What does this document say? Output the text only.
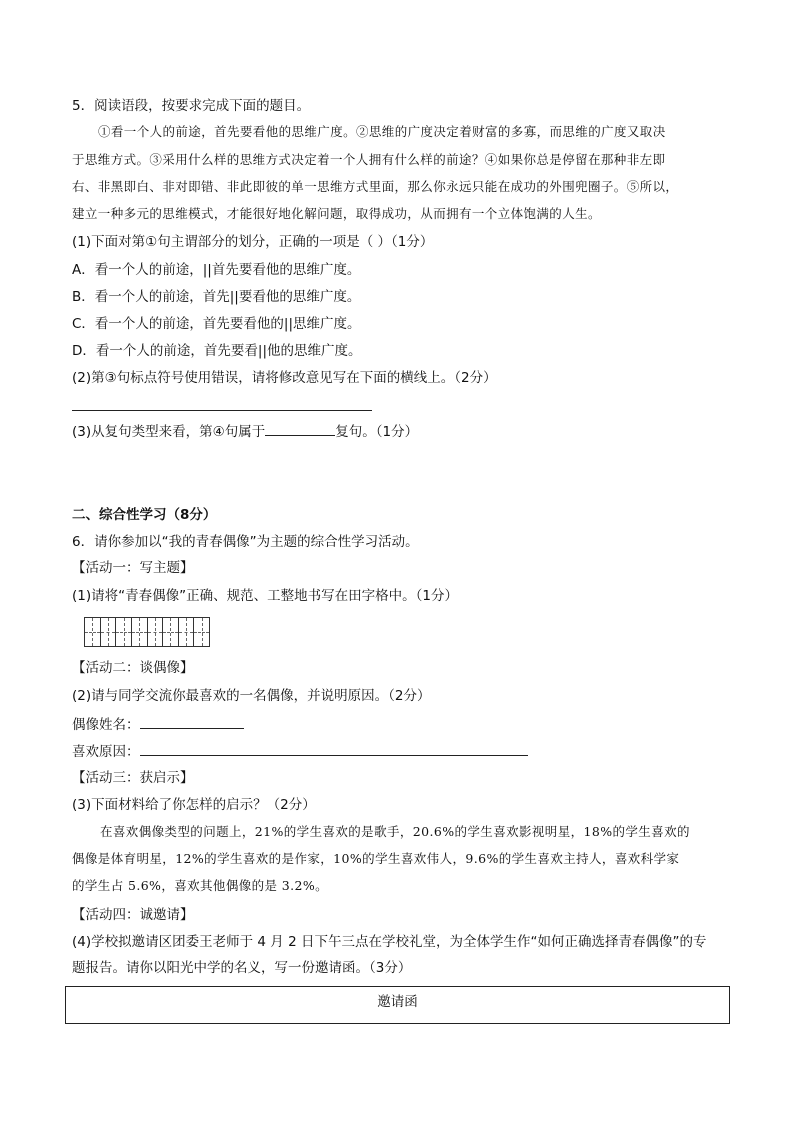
5．阅读语段，按要求完成下面的题目。
①看一个人的前途，首先要看他的思维广度。②思维的广度决定着财富的多寡，而思维的广度又取决
于思维方式。③采用什么样的思维方式决定着一个人拥有什么样的前途？④如果你总是停留在那种非左即
右、非黑即白、非对即错、非此即彼的单一思维方式里面，那么你永远只能在成功的外围兜圈子。⑤所以，
建立一种多元的思维模式，才能很好地化解问题，取得成功，从而拥有一个立体饱满的人生。
(1)下面对第①句主谓部分的划分，正确的一项是（ ）（1分）
A．看一个人的前途，||首先要看他的思维广度。
B．看一个人的前途，首先||要看他的思维广度。
C．看一个人的前途，首先要看他的||思维广度。
D．看一个人的前途，首先要看||他的思维广度。
(2)第③句标点符号使用错误，请将修改意见写在下面的横线上。（2分）
(3)从复句类型来看，第④句属于	复句。（1分）
二、综合性学习（8分）
6．请你参加以“我的青春偶像”为主题的综合性学习活动。
【活动一：写主题】
(1)请将“青春偶像”正确、规范、工整地书写在田字格中。（1分）
【活动二：谈偶像】
(2)请与同学交流你最喜欢的一名偶像，并说明原因。（2分）
偶像姓名：
喜欢原因：
【活动三：获启示】
(3)下面材料给了你怎样的启示？（2分）
在喜欢偶像类型的问题上，21%的学生喜欢的是歌手，20.6%的学生喜欢影视明星，18%的学生喜欢的
偶像是体育明星，12%的学生喜欢的是作家，10%的学生喜欢伟人，9.6%的学生喜欢主持人，喜欢科学家
的学生占 5.6%，喜欢其他偶像的是 3.2%。
【活动四：诚邀请】
(4)学校拟邀请区团委王老师于 4 月 2 日下午三点在学校礼堂，为全体学生作“如何正确选择青春偶像”的专
题报告。请你以阳光中学的名义，写一份邀请函。（3分）
邀请函
